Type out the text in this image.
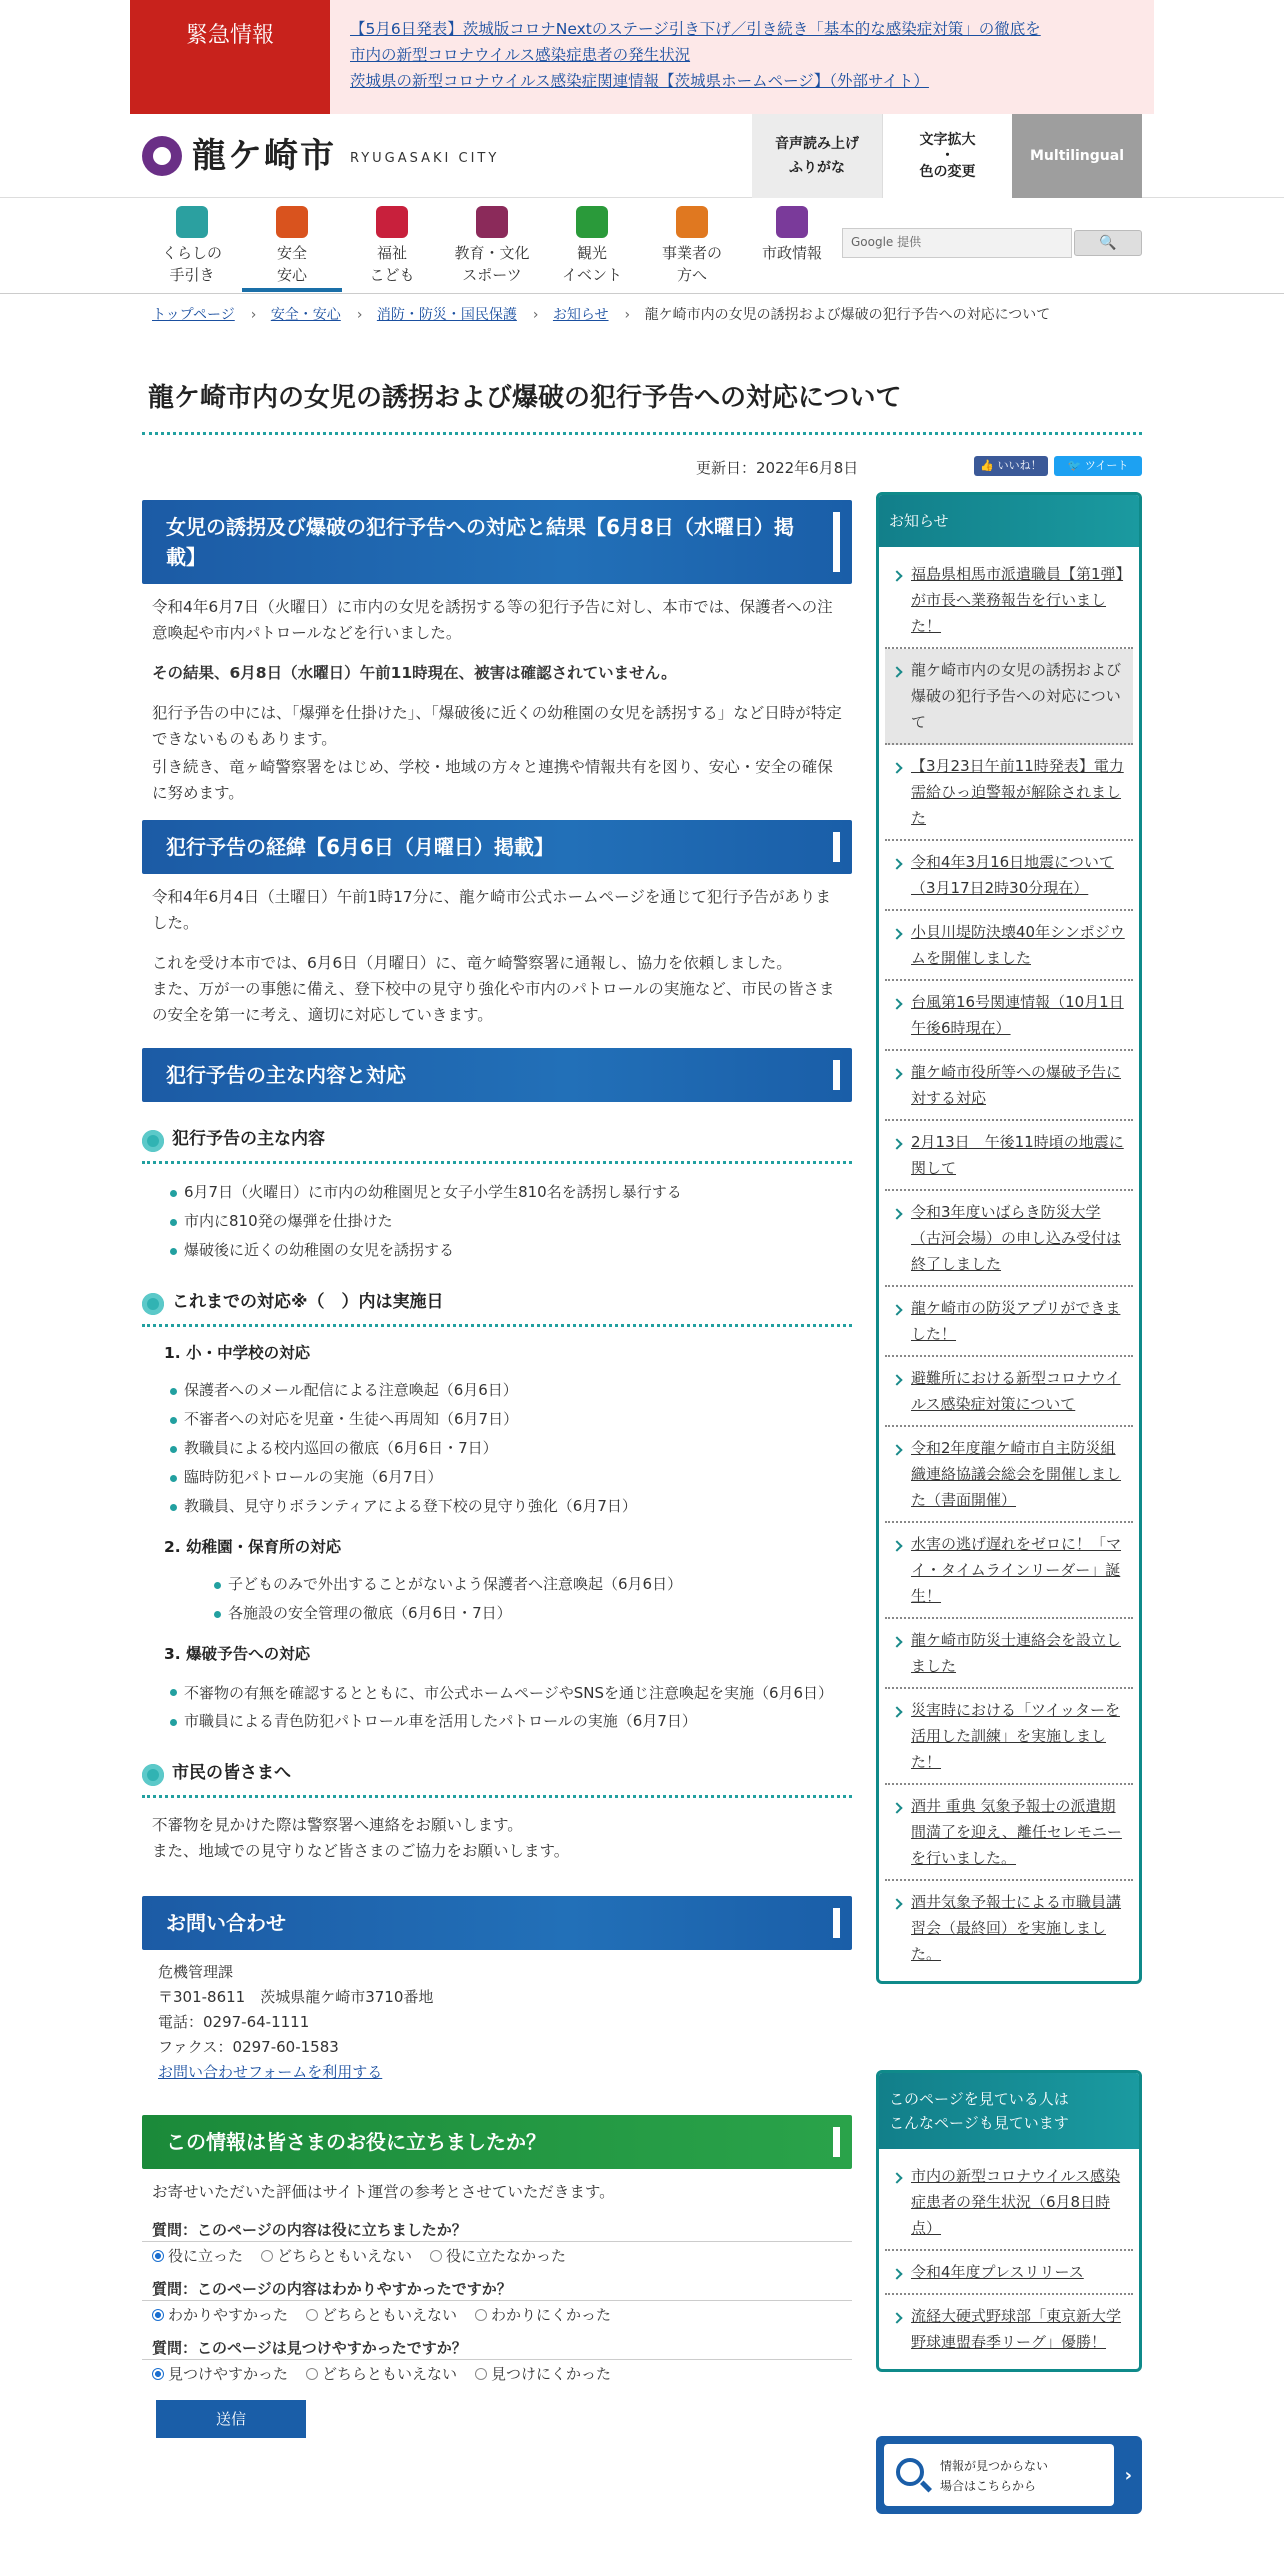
緊急情報	【5月6日発表】茨城版コロナNextのステージ引き下げ／引き続き「基本的な感染症対策」の徹底を
市内の新型コロナウイルス感染症患者の発生状況
茨城県の新型コロナウイルス感染症関連情報【茨城県ホームページ】（外部サイト）
龍ケ崎市 RYUGASAKI CITY
音声読み上げ
ふりがな
文字拡大
・
色の変更
Multilingual
くらしの
手引き
安全
安心
福祉
こども
教育・文化
スポーツ
観光
イベント
事業者の
方へ
市政情報
Google 提供	🔍
トップページ › 安全・安心 › 消防・防災・国民保護 › お知らせ › 龍ケ崎市内の女児の誘拐および爆破の犯行予告への対応について
龍ケ崎市内の女児の誘拐および爆破の犯行予告への対応について
更新日：2022年6月8日	👍 いいね！	🐦 ツイート
女児の誘拐及び爆破の犯行予告への対応と結果【6月8日（水曜日）掲載】

令和4年6月7日（火曜日）に市内の女児を誘拐する等の犯行予告に対し、本市では、保護者への注意喚起や市内パトロールなどを行いました。

その結果、6月8日（水曜日）午前11時現在、被害は確認されていません。

犯行予告の中には、「爆弾を仕掛けた」、「爆破後に近くの幼稚園の女児を誘拐する」など日時が特定できないものもあります。

引き続き、竜ヶ崎警察署をはじめ、学校・地域の方々と連携や情報共有を図り、安心・安全の確保に努めます。

犯行予告の経緯【6月6日（月曜日）掲載】

令和4年6月4日（土曜日）午前1時17分に、龍ケ崎市公式ホームページを通じて犯行予告がありました。

これを受け本市では、6月6日（月曜日）に、竜ケ崎警察署に通報し、協力を依頼しました。

また、万が一の事態に備え、登下校中の見守り強化や市内のパトロールの実施など、市民の皆さまの安全を第一に考え、適切に対応していきます。

犯行予告の主な内容と対応
犯行予告の主な内容
6月7日（火曜日）に市内の幼稚園児と女子小学生810名を誘拐し暴行する
市内に810発の爆弾を仕掛けた
爆破後に近くの幼稚園の女児を誘拐する
これまでの対応※（　）内は実施日
1. 小・中学校の対応
保護者へのメール配信による注意喚起（6月6日）
不審者への対応を児童・生徒へ再周知（6月7日）
教職員による校内巡回の徹底（6月6日・7日）
臨時防犯パトロールの実施（6月7日）
教職員、見守りボランティアによる登下校の見守り強化（6月7日）
2. 幼稚園・保育所の対応
子どものみで外出することがないよう保護者へ注意喚起（6月6日）
各施設の安全管理の徹底（6月6日・7日）
3. 爆破予告への対応
不審物の有無を確認するとともに、市公式ホームページやSNSを通じ注意喚起を実施（6月6日）
市職員による青色防犯パトロール車を活用したパトロールの実施（6月7日）
市民の皆さまへ

不審物を見かけた際は警察署へ連絡をお願いします。

また、地域での見守りなど皆さまのご協力をお願いします。

お問い合わせ
危機管理課
〒301-8611　茨城県龍ケ崎市3710番地
電話：0297-64-1111
ファクス：0297-60-1583
お問い合わせフォームを利用する
この情報は皆さまのお役に立ちましたか？

お寄せいただいた評価はサイト運営の参考とさせていただきます。

質問：このページの内容は役に立ちましたか？
役に立った	どちらともいえない	役に立たなかった
質問：このページの内容はわかりやすかったですか？
わかりやすかった	どちらともいえない	わかりにくかった
質問：このページは見つけやすかったですか？
見つけやすかった	どちらともいえない	見つけにくかった
送信
お知らせ
福島県相馬市派遣職員【第1弾】が市長へ業務報告を行いました！
龍ケ崎市内の女児の誘拐および爆破の犯行予告への対応について
【3月23日午前11時発表】電力需給ひっ迫警報が解除されました
令和4年3月16日地震について（3月17日2時30分現在）
小貝川堤防決壊40年シンポジウムを開催しました
台風第16号関連情報（10月1日午後6時現在）
龍ケ崎市役所等への爆破予告に対する対応
2月13日　午後11時頃の地震に関して
令和3年度いばらき防災大学（古河会場）の申し込み受付は終了しました
龍ケ崎市の防災アプリができました！
避難所における新型コロナウイルス感染症対策について
令和2年度龍ケ崎市自主防災組織連絡協議会総会を開催しました（書面開催）
水害の逃げ遅れをゼロに！「マイ・タイムラインリーダー」誕生！
龍ケ崎市防災士連絡会を設立しました
災害時における「ツイッターを活用した訓練」を実施しました！
酒井 重典 気象予報士の派遣期間満了を迎え、離任セレモニーを行いました。
酒井気象予報士による市職員講習会（最終回）を実施しました。
このページを見ている人は
こんなページも見ています
市内の新型コロナウイルス感染症患者の発生状況（6月8日時点）
令和4年度プレスリリース
流経大硬式野球部「東京新大学野球連盟春季リーグ」優勝！
情報が見つからない
場合はこちらから	›
